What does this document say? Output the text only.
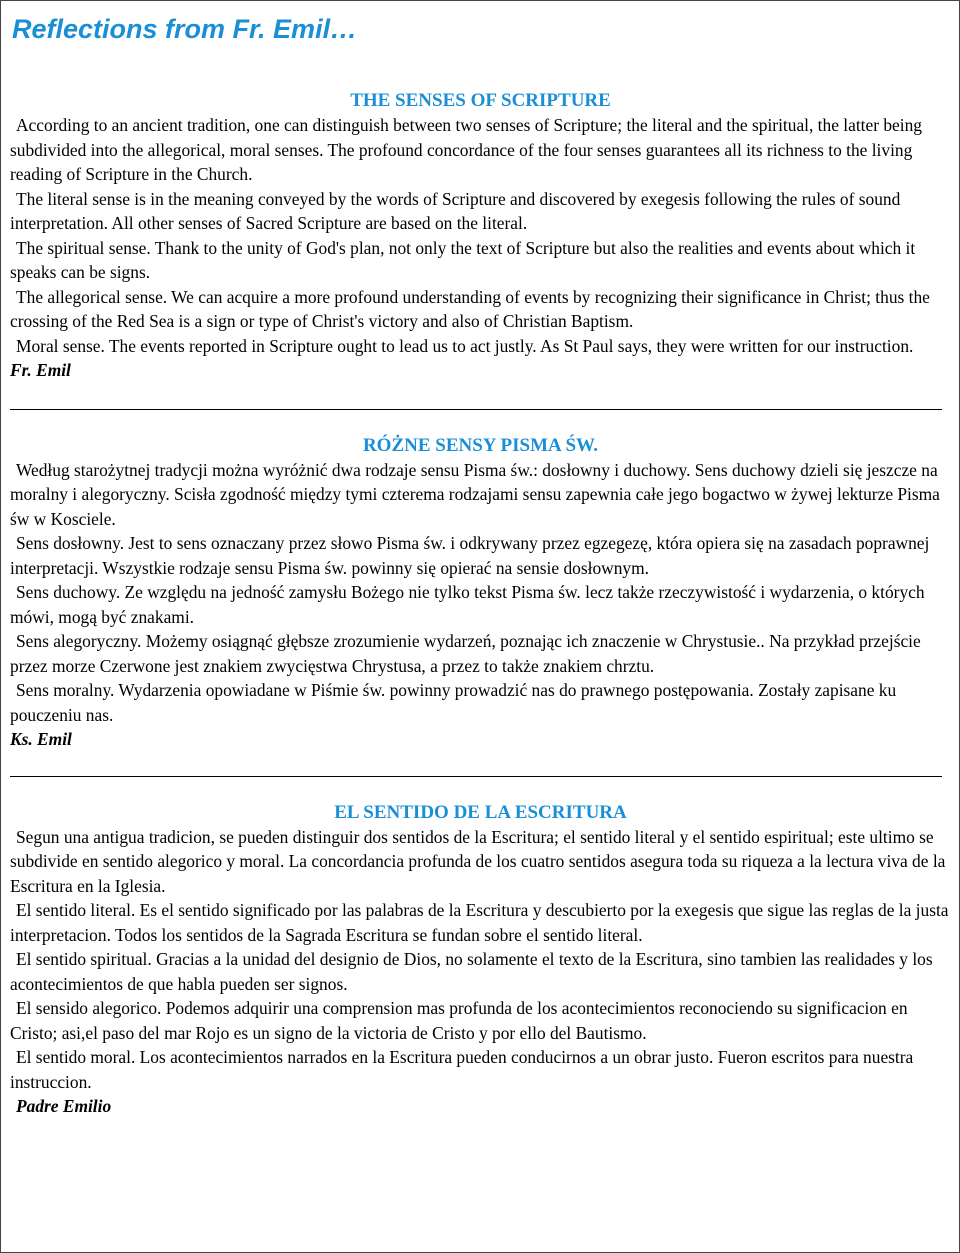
Reflections from Fr. Emil…
THE SENSES OF SCRIPTURE
According to an ancient tradition, one can distinguish between two senses of Scripture; the literal and the spiritual, the latter being subdivided into the allegorical, moral senses. The profound concordance of the four senses guarantees all its richness to the living reading of Scripture in the Church.
The literal sense is in the meaning conveyed by the words of Scripture and discovered by exegesis following the rules of sound interpretation. All other senses of Sacred Scripture are based on the literal.
The spiritual sense. Thank to the unity of God's plan, not only the text of Scripture but also the realities and events about which it speaks can be signs.
The allegorical sense. We can acquire a more profound understanding of events by recognizing their significance in Christ; thus the crossing of the Red Sea is a sign or type of Christ's victory and also of Christian Baptism.
Moral sense. The events reported in Scripture ought to lead us to act justly. As St Paul says, they were written for our instruction.
Fr. Emil
RÓŻNE SENSY PISMA ŚW.
Według starożytnej tradycji można wyróżnić dwa rodzaje sensu Pisma św.: dosłowny i duchowy. Sens duchowy dzieli się jeszcze na moralny i alegoryczny. Scisła zgodność między tymi czterema rodzajami sensu zapewnia całe jego bogactwo w żywej lekturze Pisma św w Kosciele.
Sens dosłowny. Jest to sens oznaczany przez słowo Pisma św. i odkrywany przez egzegezę, która opiera się na zasadach poprawnej interpretacji. Wszystkie rodzaje sensu Pisma św. powinny się opierać na sensie dosłownym.
Sens duchowy. Ze względu na jedność zamysłu Bożego nie tylko tekst Pisma św. lecz także rzeczywistość i wydarzenia, o których mówi, mogą być znakami.
Sens alegoryczny. Możemy osiągnąć głębsze zrozumienie wydarzeń, poznając ich znaczenie w Chrystusie.. Na przykład przejście przez morze Czerwone jest znakiem zwycięstwa Chrystusa, a przez to także znakiem chrztu.
Sens moralny. Wydarzenia opowiadane w Piśmie św. powinny prowadzić nas do prawnego postępowania. Zostały zapisane ku pouczeniu nas.
Ks. Emil
EL SENTIDO DE LA ESCRITURA
Segun una antigua tradicion, se pueden distinguir dos sentidos de la Escritura; el sentido literal y el sentido espiritual; este ultimo se subdivide en sentido alegorico y moral. La concordancia profunda de los cuatro sentidos asegura toda su riqueza a la lectura viva de la Escritura en la Iglesia.
El sentido literal. Es el sentido significado por las palabras de la Escritura y descubierto por la exegesis que sigue las reglas de la justa interpretacion. Todos los sentidos de la Sagrada Escritura se fundan sobre el sentido literal.
El sentido spiritual. Gracias a la unidad del designio de Dios, no solamente el texto de la Escritura, sino tambien las realidades y los acontecimientos de que habla pueden ser signos.
El sensido alegorico. Podemos adquirir una comprension mas profunda de los acontecimientos reconociendo su significacion en Cristo; asi,el paso del mar Rojo es un signo de la victoria de Cristo y por ello del Bautismo.
El sentido moral. Los acontecimientos narrados en la Escritura pueden conducirnos a un obrar justo. Fueron escritos para nuestra instruccion.
Padre Emilio
